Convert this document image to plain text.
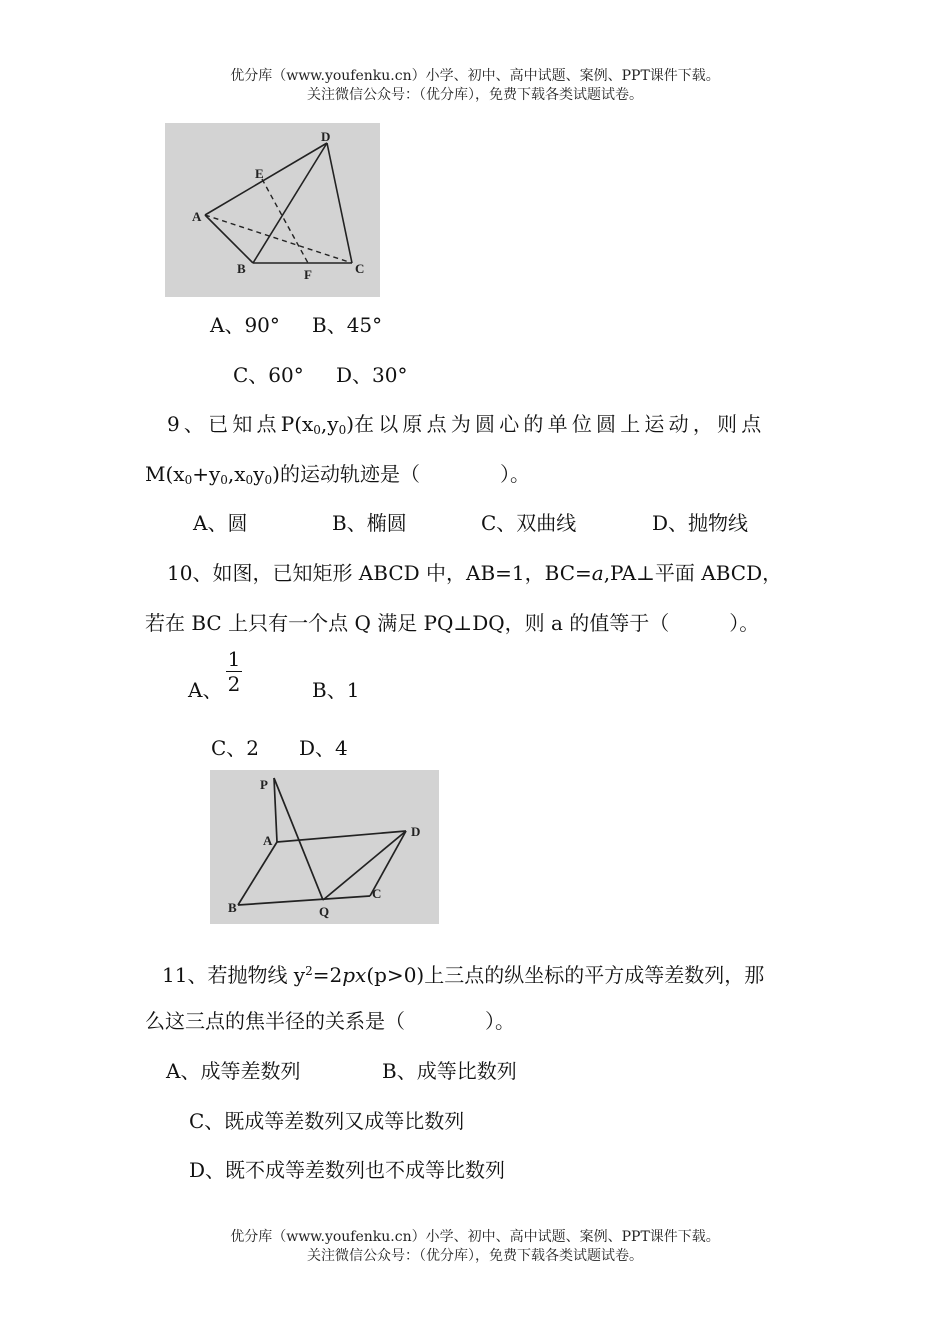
优分库（www.youfenku.cn）小学、初中、高中试题、案例、PPT课件下载。
关注微信公众号：（优分库），免费下载各类试题试卷。
A
B	C
D
E
F
A、90° B、45°
C、60° D、30°
9、已知点$P(x_0,y_0)$在以原点为圆心的单位圆上运动，则点
$M(x_0+y_0,x_0y_0)$的运动轨迹是（　　　　）。
A、圆	B、椭圆	C、双曲线	D、抛物线
10、如图，已知矩形 ABCD 中，AB=1，BC=a,PA⊥平面 ABCD，
若在 BC 上只有一个点 Q 满足 PQ⊥DQ，则 a 的值等于（　　　）。
A、
1
2	B、1
C、2 D、4
P
A
B	Q
C
D
11、若抛物线 $y^2=2px(p>0)$上三点的纵坐标的平方成等差数列，那
么这三点的焦半径的关系是（　　　　）。
A、成等差数列	B、成等比数列
C、既成等差数列又成等比数列
D、既不成等差数列也不成等比数列
优分库（www.youfenku.cn）小学、初中、高中试题、案例、PPT课件下载。
关注微信公众号：（优分库），免费下载各类试题试卷。
